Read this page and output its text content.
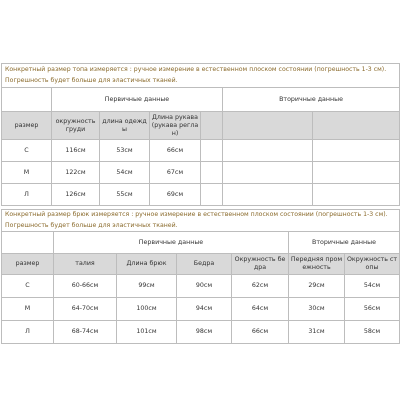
Конкретный размер топа измеряется : ручное измерение в естественном плоском состоянии (погрешность 1-3 см). Погрешность будет больше для эластичных тканей.						
	Первичные данные				Вторичные данные	
размер	окружность груди	длина одежды	Длина рукава (рукава реглан)			
С	116см	53см	66см			
М	122см	54см	67см			
Л	126см	55см	69см			
Конкретный размер брюк измеряется : ручное измерение в естественном плоском состоянии (погрешность 1-3 см). Погрешность будет больше для эластичных тканей.						
	Первичные данные				Вторичные данные	
размер	талия	Длина брюк	Бедра	Окружность бедра	Передняя промежность	Окружность стопы
С	60-66см	99см	90см	62см	29см	54см
М	64-70см	100см	94см	64см	30см	56см
Л	68-74см	101см	98см	66см	31см	58см
